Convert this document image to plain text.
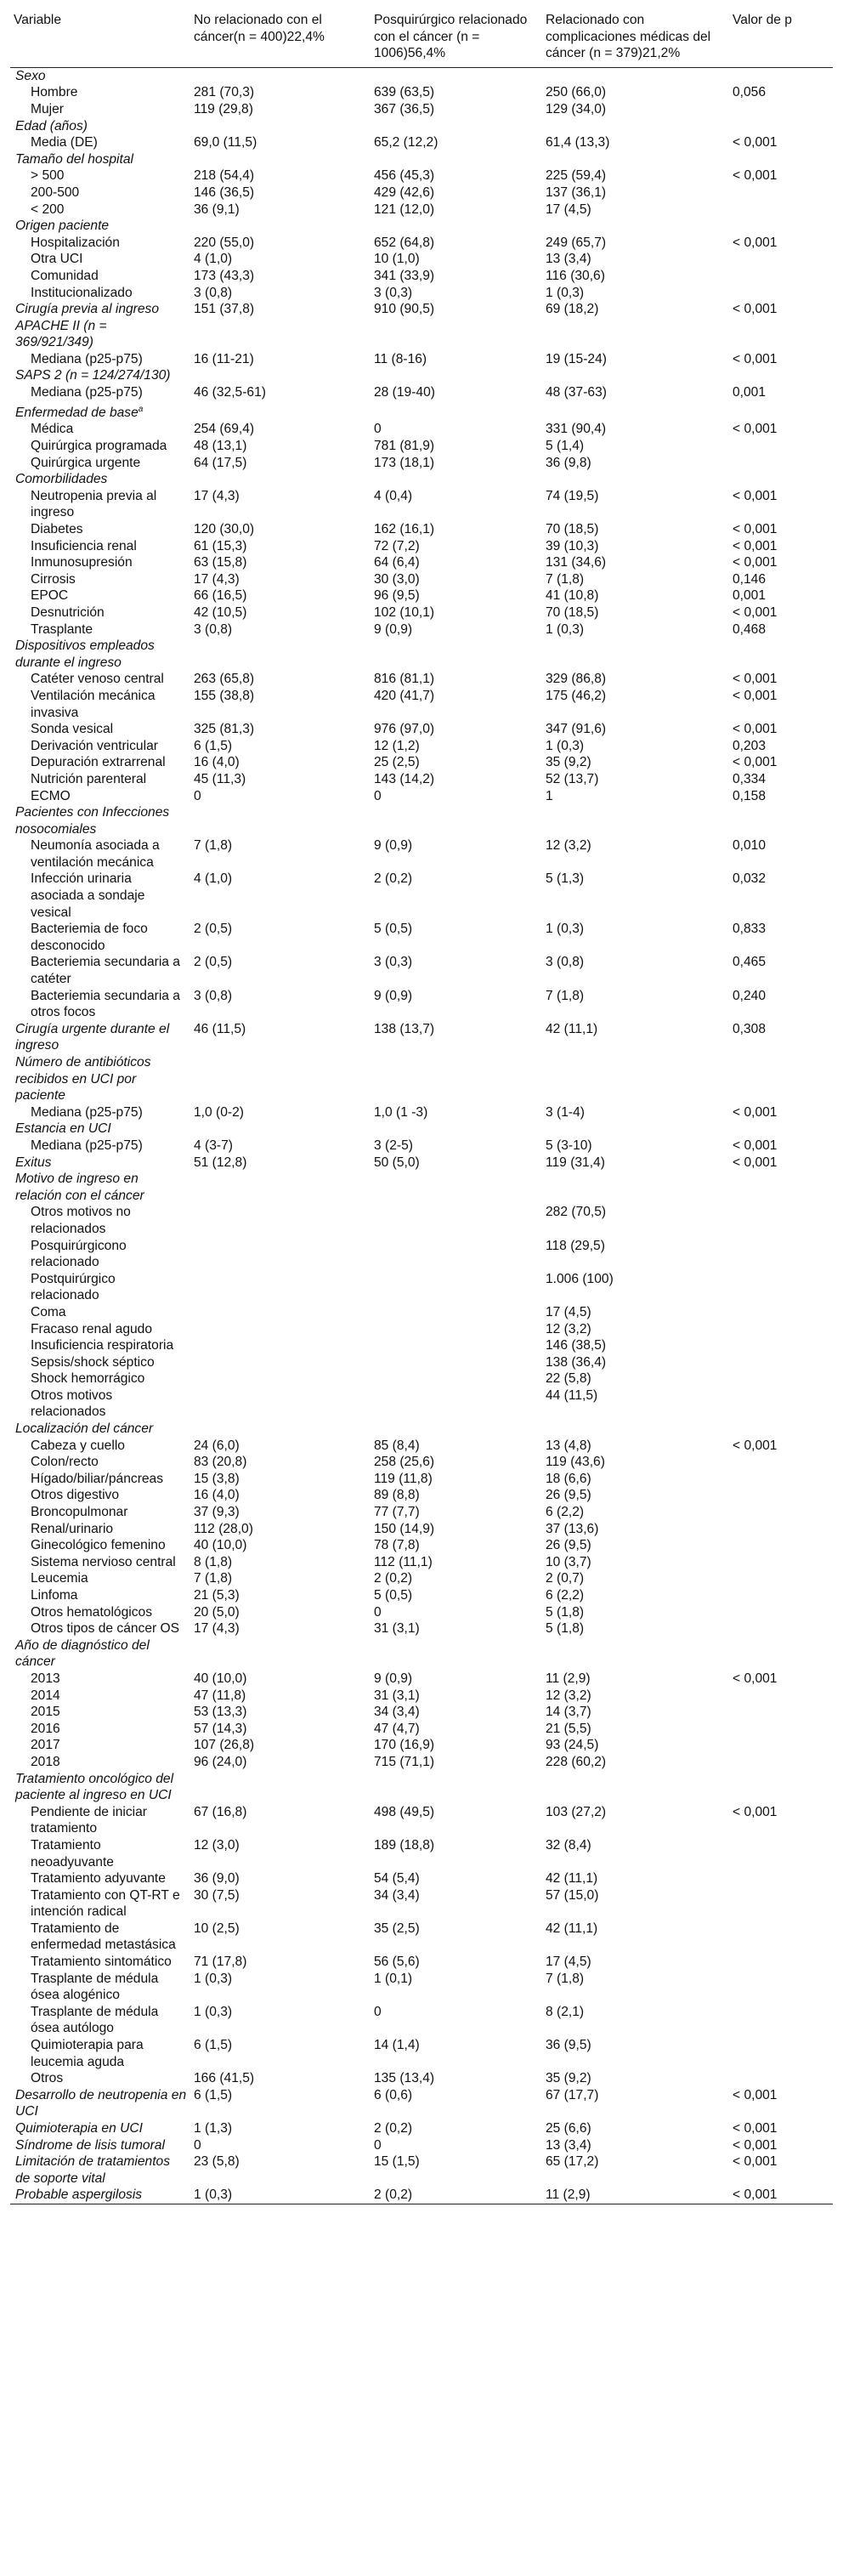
Variable	No relacionado con el cáncer(n = 400)22,4%	Posquirúrgico relacionado con el cáncer (n = 1006)56,4%	Relacionado con complicaciones médicas del cáncer (n = 379)21,2%	Valor de p
Sexo				

Hombre	281 (70,3)	639 (63,5)	250 (66,0)	0,056

Mujer	119 (29,8)	367 (36,5)	129 (34,0)	
Edad (años)				

Media (DE)	69,0 (11,5)	65,2 (12,2)	61,4 (13,3)	< 0,001
Tamaño del hospital				

> 500	218 (54,4)	456 (45,3)	225 (59,4)	< 0,001

200-500	146 (36,5)	429 (42,6)	137 (36,1)	

< 200	36 (9,1)	121 (12,0)	17 (4,5)	
Origen paciente				

Hospitalización	220 (55,0)	652 (64,8)	249 (65,7)	< 0,001

Otra UCI	4 (1,0)	10 (1,0)	13 (3,4)	

Comunidad	173 (43,3)	341 (33,9)	116 (30,6)	

Institucionalizado	3 (0,8)	3 (0,3)	1 (0,3)	
Cirugía previa al ingreso	151 (37,8)	910 (90,5)	69 (18,2)	< 0,001
APACHE II (n = 369/921/349)				

Mediana (p25-p75)	16 (11-21)	11 (8-16)	19 (15-24)	< 0,001
SAPS 2 (n = 124/274/130)				

Mediana (p25-p75)	46 (32,5-61)	28 (19-40)	48 (37-63)	0,001
Enfermedad de base$^a$				

Médica	254 (69,4)	0	331 (90,4)	< 0,001

Quirúrgica programada	48 (13,1)	781 (81,9)	5 (1,4)	

Quirúrgica urgente	64 (17,5)	173 (18,1)	36 (9,8)	
Comorbilidades				

Neutropenia previa al ingreso	17 (4,3)	4 (0,4)	74 (19,5)	< 0,001

Diabetes	120 (30,0)	162 (16,1)	70 (18,5)	< 0,001

Insuficiencia renal	61 (15,3)	72 (7,2)	39 (10,3)	< 0,001

Inmunosupresión	63 (15,8)	64 (6,4)	131 (34,6)	< 0,001

Cirrosis	17 (4,3)	30 (3,0)	7 (1,8)	0,146

EPOC	66 (16,5)	96 (9,5)	41 (10,8)	0,001

Desnutrición	42 (10,5)	102 (10,1)	70 (18,5)	< 0,001

Trasplante	3 (0,8)	9 (0,9)	1 (0,3)	0,468
Dispositivos empleados durante el ingreso				

Catéter venoso central	263 (65,8)	816 (81,1)	329 (86,8)	< 0,001

Ventilación mecánica invasiva	155 (38,8)	420 (41,7)	175 (46,2)	< 0,001

Sonda vesical	325 (81,3)	976 (97,0)	347 (91,6)	< 0,001

Derivación ventricular	6 (1,5)	12 (1,2)	1 (0,3)	0,203

Depuración extrarrenal	16 (4,0)	25 (2,5)	35 (9,2)	< 0,001

Nutrición parenteral	45 (11,3)	143 (14,2)	52 (13,7)	0,334

ECMO	0	0	1	0,158
Pacientes con Infecciones nosocomiales				

Neumonía asociada a ventilación mecánica	7 (1,8)	9 (0,9)	12 (3,2)	0,010

Infección urinaria asociada a sondaje vesical	4 (1,0)	2 (0,2)	5 (1,3)	0,032

Bacteriemia de foco desconocido	2 (0,5)	5 (0,5)	1 (0,3)	0,833

Bacteriemia secundaria a catéter	2 (0,5)	3 (0,3)	3 (0,8)	0,465

Bacteriemia secundaria a otros focos	3 (0,8)	9 (0,9)	7 (1,8)	0,240
Cirugía urgente durante el ingreso	46 (11,5)	138 (13,7)	42 (11,1)	0,308
Número de antibióticos recibidos en UCI por paciente				

Mediana (p25-p75)	1,0 (0-2)	1,0 (1 -3)	3 (1-4)	< 0,001
Estancia en UCI				

Mediana (p25-p75)	4 (3-7)	3 (2-5)	5 (3-10)	< 0,001
Exitus	51 (12,8)	50 (5,0)	119 (31,4)	< 0,001
Motivo de ingreso en relación con el cáncer				

Otros motivos no relacionados			282 (70,5)	

Posquirúrgicono relacionado			118 (29,5)	

Postquirúrgico relacionado			1.006 (100)	

Coma			17 (4,5)	

Fracaso renal agudo			12 (3,2)	

Insuficiencia respiratoria			146 (38,5)	

Sepsis/shock séptico			138 (36,4)	

Shock hemorrágico			22 (5,8)	

Otros motivos relacionados			44 (11,5)	
Localización del cáncer				

Cabeza y cuello	24 (6,0)	85 (8,4)	13 (4,8)	< 0,001

Colon/recto	83 (20,8)	258 (25,6)	119 (43,6)	

Hígado/biliar/páncreas	15 (3,8)	119 (11,8)	18 (6,6)	

Otros digestivo	16 (4,0)	89 (8,8)	26 (9,5)	

Broncopulmonar	37 (9,3)	77 (7,7)	6 (2,2)	

Renal/urinario	112 (28,0)	150 (14,9)	37 (13,6)	

Ginecológico femenino	40 (10,0)	78 (7,8)	26 (9,5)	

Sistema nervioso central	8 (1,8)	112 (11,1)	10 (3,7)	

Leucemia	7 (1,8)	2 (0,2)	2 (0,7)	

Linfoma	21 (5,3)	5 (0,5)	6 (2,2)	

Otros hematológicos	20 (5,0)	0	5 (1,8)	

Otros tipos de cáncer OS	17 (4,3)	31 (3,1)	5 (1,8)	
Año de diagnóstico del cáncer				

2013	40 (10,0)	9 (0,9)	11 (2,9)	< 0,001

2014	47 (11,8)	31 (3,1)	12 (3,2)	

2015	53 (13,3)	34 (3,4)	14 (3,7)	

2016	57 (14,3)	47 (4,7)	21 (5,5)	

2017	107 (26,8)	170 (16,9)	93 (24,5)	

2018	96 (24,0)	715 (71,1)	228 (60,2)	
Tratamiento oncológico del paciente al ingreso en UCI				

Pendiente de iniciar tratamiento	67 (16,8)	498 (49,5)	103 (27,2)	< 0,001

Tratamiento neoadyuvante	12 (3,0)	189 (18,8)	32 (8,4)	

Tratamiento adyuvante	36 (9,0)	54 (5,4)	42 (11,1)	

Tratamiento con QT-RT e intención radical	30 (7,5)	34 (3,4)	57 (15,0)	

Tratamiento de enfermedad metastásica	10 (2,5)	35 (2,5)	42 (11,1)	

Tratamiento sintomático	71 (17,8)	56 (5,6)	17 (4,5)	

Trasplante de médula ósea alogénico	1 (0,3)	1 (0,1)	7 (1,8)	

Trasplante de médula ósea autólogo	1 (0,3)	0	8 (2,1)	

Quimioterapia para leucemia aguda	6 (1,5)	14 (1,4)	36 (9,5)	

Otros	166 (41,5)	135 (13,4)	35 (9,2)	
Desarrollo de neutropenia en UCI	6 (1,5)	6 (0,6)	67 (17,7)	< 0,001
Quimioterapia en UCI	1 (1,3)	2 (0,2)	25 (6,6)	< 0,001
Síndrome de lisis tumoral	0	0	13 (3,4)	< 0,001
Limitación de tratamientos de soporte vital	23 (5,8)	15 (1,5)	65 (17,2)	< 0,001
Probable aspergilosis	1 (0,3)	2 (0,2)	11 (2,9)	< 0,001
